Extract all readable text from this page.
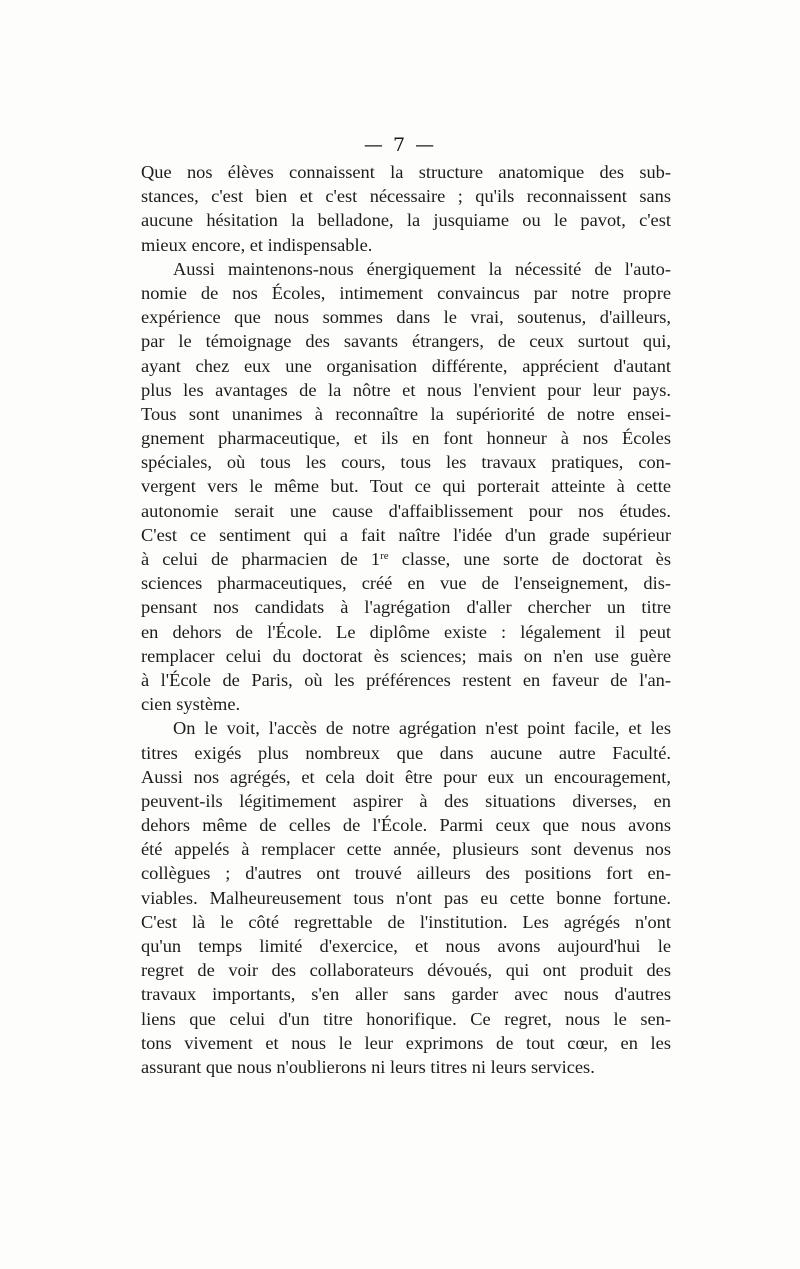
— 7 —
Que nos élèves connaissent la structure anatomique des sub-
stances, c'est bien et c'est nécessaire ; qu'ils reconnaissent sans
aucune hésitation la belladone, la jusquiame ou le pavot, c'est
mieux encore, et indispensable.
Aussi maintenons-nous énergiquement la nécessité de l'auto-
nomie de nos Écoles, intimement convaincus par notre propre
expérience que nous sommes dans le vrai, soutenus, d'ailleurs,
par le témoignage des savants étrangers, de ceux surtout qui,
ayant chez eux une organisation différente, apprécient d'autant
plus les avantages de la nôtre et nous l'envient pour leur pays.
Tous sont unanimes à reconnaître la supériorité de notre ensei-
gnement pharmaceutique, et ils en font honneur à nos Écoles
spéciales, où tous les cours, tous les travaux pratiques, con-
vergent vers le même but. Tout ce qui porterait atteinte à cette
autonomie serait une cause d'affaiblissement pour nos études.
C'est ce sentiment qui a fait naître l'idée d'un grade supérieur
à celui de pharmacien de 1re classe, une sorte de doctorat ès
sciences pharmaceutiques, créé en vue de l'enseignement, dis-
pensant nos candidats à l'agrégation d'aller chercher un titre
en dehors de l'École. Le diplôme existe : légalement il peut
remplacer celui du doctorat ès sciences; mais on n'en use guère
à l'École de Paris, où les préférences restent en faveur de l'an-
cien système.
On le voit, l'accès de notre agrégation n'est point facile, et les
titres exigés plus nombreux que dans aucune autre Faculté.
Aussi nos agrégés, et cela doit être pour eux un encouragement,
peuvent-ils légitimement aspirer à des situations diverses, en
dehors même de celles de l'École. Parmi ceux que nous avons
été appelés à remplacer cette année, plusieurs sont devenus nos
collègues ; d'autres ont trouvé ailleurs des positions fort en-
viables. Malheureusement tous n'ont pas eu cette bonne fortune.
C'est là le côté regrettable de l'institution. Les agrégés n'ont
qu'un temps limité d'exercice, et nous avons aujourd'hui le
regret de voir des collaborateurs dévoués, qui ont produit des
travaux importants, s'en aller sans garder avec nous d'autres
liens que celui d'un titre honorifique. Ce regret, nous le sen-
tons vivement et nous le leur exprimons de tout cœur, en les
assurant que nous n'oublierons ni leurs titres ni leurs services.
